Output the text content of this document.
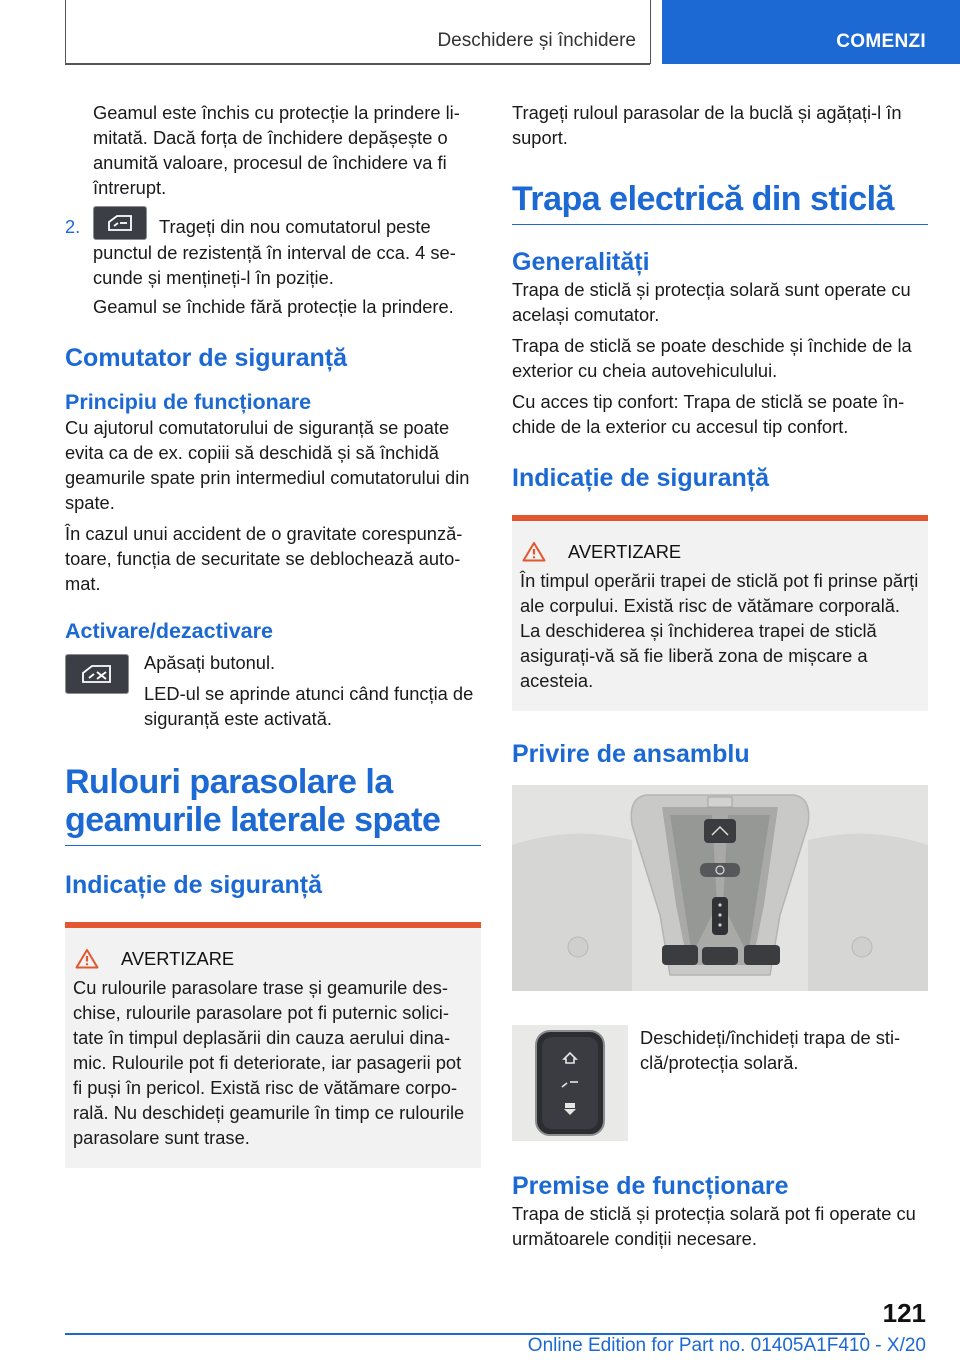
Deschidere și închidere	COMENZI

Geamul este închis cu protecție la prindere limitată. Dacă forța de închidere depășește o anumită valoare, procesul de închidere va fi întrerupt.

2.	Trageți din nou comutatorul peste punctul de rezistență în interval de cca. 4 secunde și mențineți-l în poziție.

Geamul se închide fără protecție la prindere.

Comutator de siguranță
Principiu de funcționare

Cu ajutorul comutatorului de siguranță se poate evita ca de ex. copiii să deschidă și să închidă geamurile spate prin intermediul comutatorului din spate.

În cazul unui accident de o gravitate corespunzătoare, funcția de securitate se deblochează automat.

Activare/dezactivare

Apăsați butonul.

LED-ul se aprinde atunci când funcția de siguranță este activată.

Rulouri parasolare la geamurile laterale spate
Indicație de siguranță
AVERTIZARE

Cu rulourile parasolare trase și geamurile deschise, rulourile parasolare pot fi puternic solicitate în timpul deplasării din cauza aerului dinamic. Rulourile pot fi deteriorate, iar pasagerii pot fi puși în pericol. Există risc de vătămare corporală. Nu deschideți geamurile în timp ce rulourile parasolare sunt trase.

Trageți ruloul parasolar de la buclă și agățați-l în suport.

Trapa electrică din sticlă
Generalități

Trapa de sticlă și protecția solară sunt operate cu același comutator.

Trapa de sticlă se poate deschide și închide de la exterior cu cheia autovehiculului.

Cu acces tip confort: Trapa de sticlă se poate închide de la exterior cu accesul tip confort.

Indicație de siguranță
AVERTIZARE

În timpul operării trapei de sticlă pot fi prinse părți ale corpului. Există risc de vătămare corporală. La deschiderea și închiderea trapei de sticlă asigurați-vă să fie liberă zona de mișcare a acesteia.

Privire de ansamblu

Deschideți/închideți trapa de sticlă/protecția solară.

Premise de funcționare

Trapa de sticlă și protecția solară pot fi operate cu următoarele condiții necesare.

121
Online Edition for Part no. 01405A1F410 - X/20
